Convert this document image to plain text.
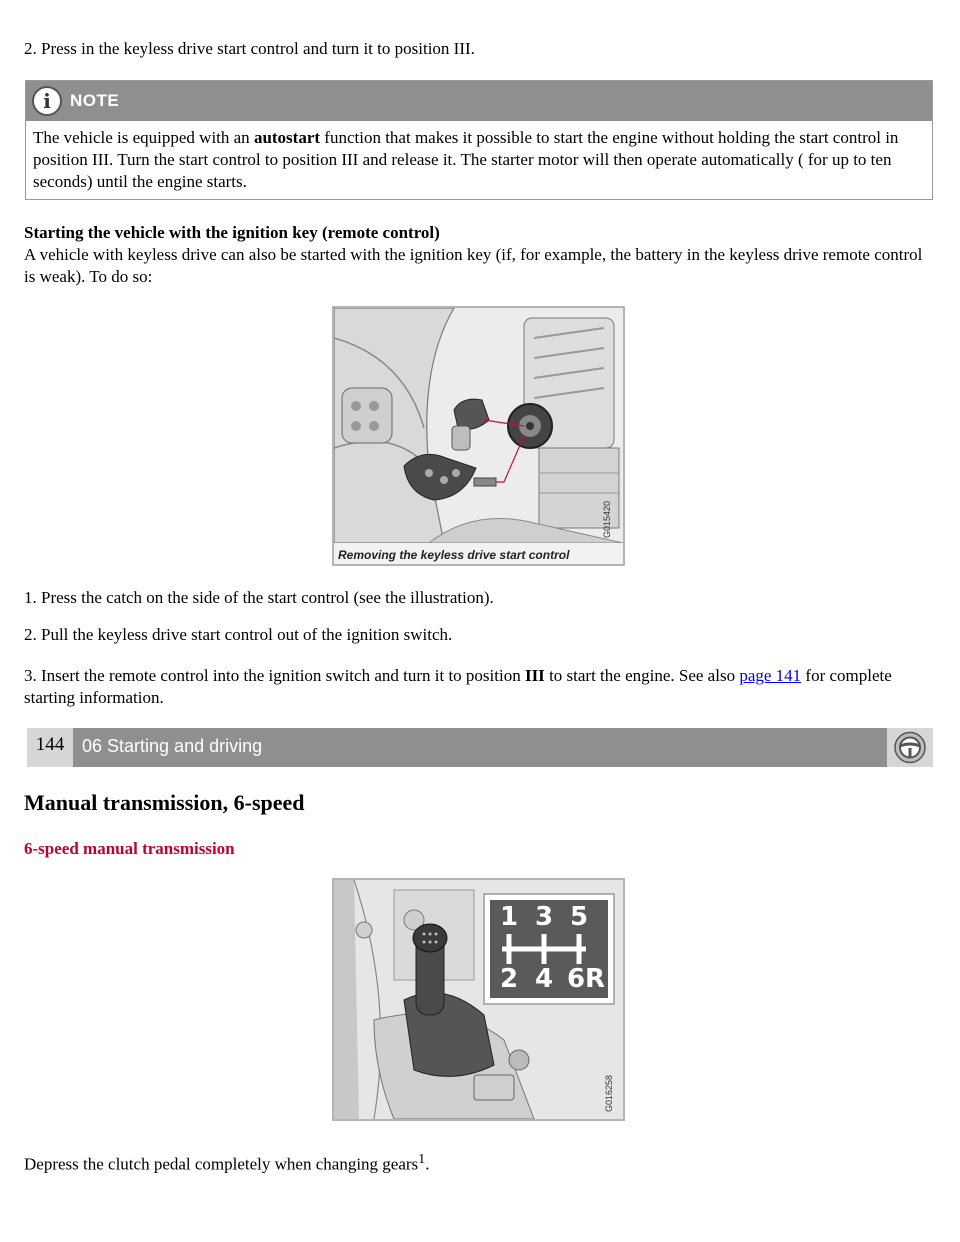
2. Press in the keyless drive start control and turn it to position III.

i	NOTE
The vehicle is equipped with an autostart function that makes it possible to start the engine without holding the start control in position III. Turn the start control to position III and release it. The starter motor will then operate automatically ( for up to ten seconds) until the engine starts.

Starting the vehicle with the ignition key (remote control)
A vehicle with keyless drive can also be started with the ignition key (if, for example, the battery in the keyless drive remote control is weak). To do so:

G015420
Removing the keyless drive start control

1. Press the catch on the side of the start control (see the illustration).

2. Pull the keyless drive start control out of the ignition switch.

3. Insert the remote control into the ignition switch and turn it to position III to start the engine. See also page 141 for complete starting information.

144 06 Starting and driving
Manual transmission, 6-speed
6-speed manual transmission
1 3 5
2 4 6 R
G016258

Depress the clutch pedal completely when changing gears$^1$.
